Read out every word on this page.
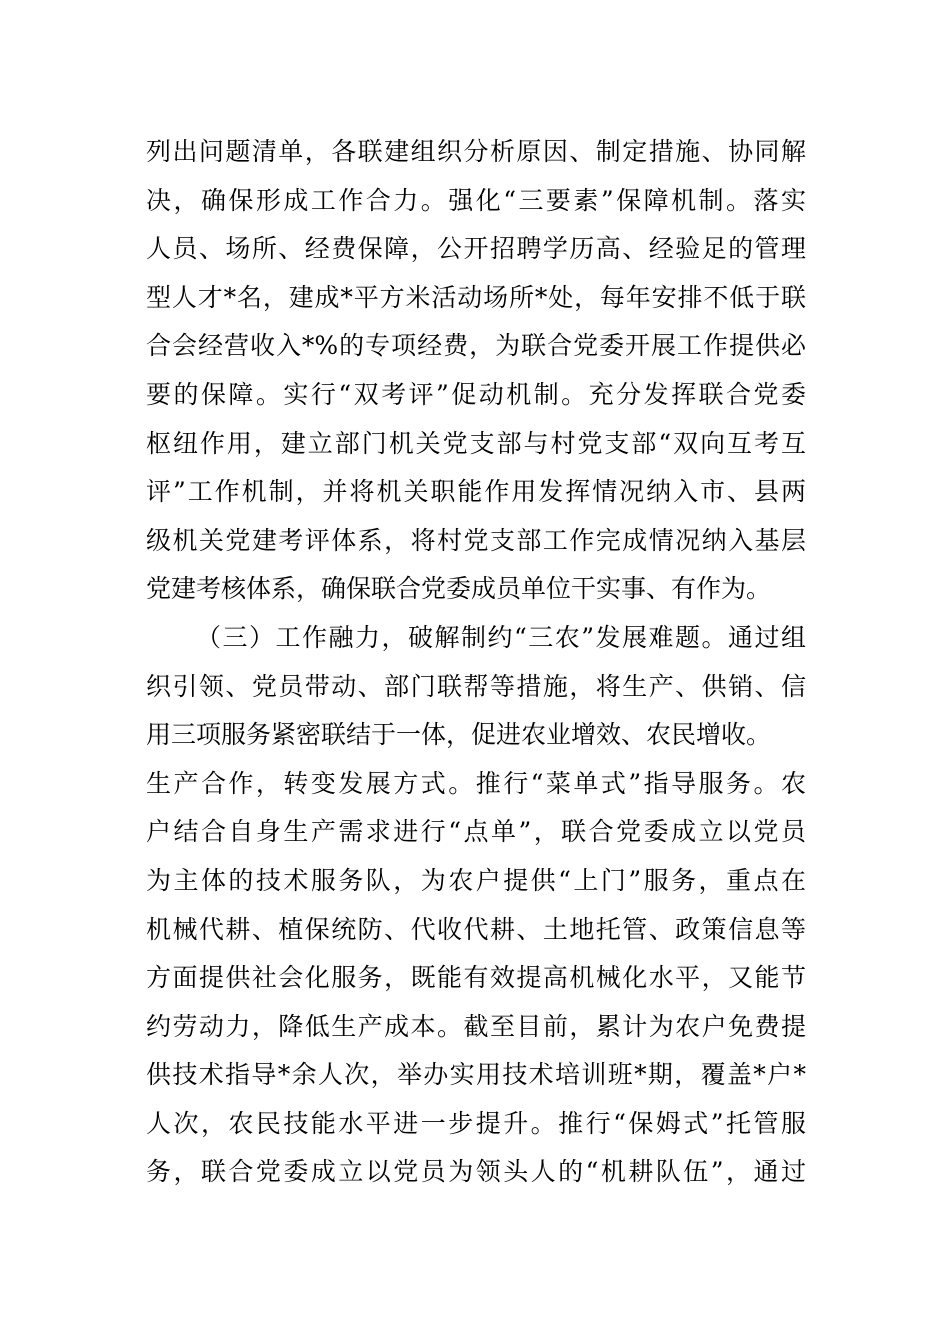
列出问题清单，各联建组织分析原因、制定措施、协同解
决，确保形成工作合力。强化“三要素”保障机制。落实
人员、场所、经费保障，公开招聘学历高、经验足的管理
型人才*名，建成*平方米活动场所*处，每年安排不低于联
合会经营收入*%的专项经费，为联合党委开展工作提供必
要的保障。实行“双考评”促动机制。充分发挥联合党委
枢纽作用，建立部门机关党支部与村党支部“双向互考互
评”工作机制，并将机关职能作用发挥情况纳入市、县两
级机关党建考评体系，将村党支部工作完成情况纳入基层
党建考核体系，确保联合党委成员单位干实事、有作为。
（三）工作融力，破解制约“三农”发展难题。通过组
织引领、党员带动、部门联帮等措施，将生产、供销、信
用三项服务紧密联结于一体，促进农业增效、农民增收。
生产合作，转变发展方式。推行“菜单式”指导服务。农
户结合自身生产需求进行“点单”，联合党委成立以党员
为主体的技术服务队，为农户提供“上门”服务，重点在
机械代耕、植保统防、代收代耕、土地托管、政策信息等
方面提供社会化服务，既能有效提高机械化水平，又能节
约劳动力，降低生产成本。截至目前，累计为农户免费提
供技术指导*余人次，举办实用技术培训班*期，覆盖*户*
人次，农民技能水平进一步提升。推行“保姆式”托管服
务，联合党委成立以党员为领头人的“机耕队伍”，通过
